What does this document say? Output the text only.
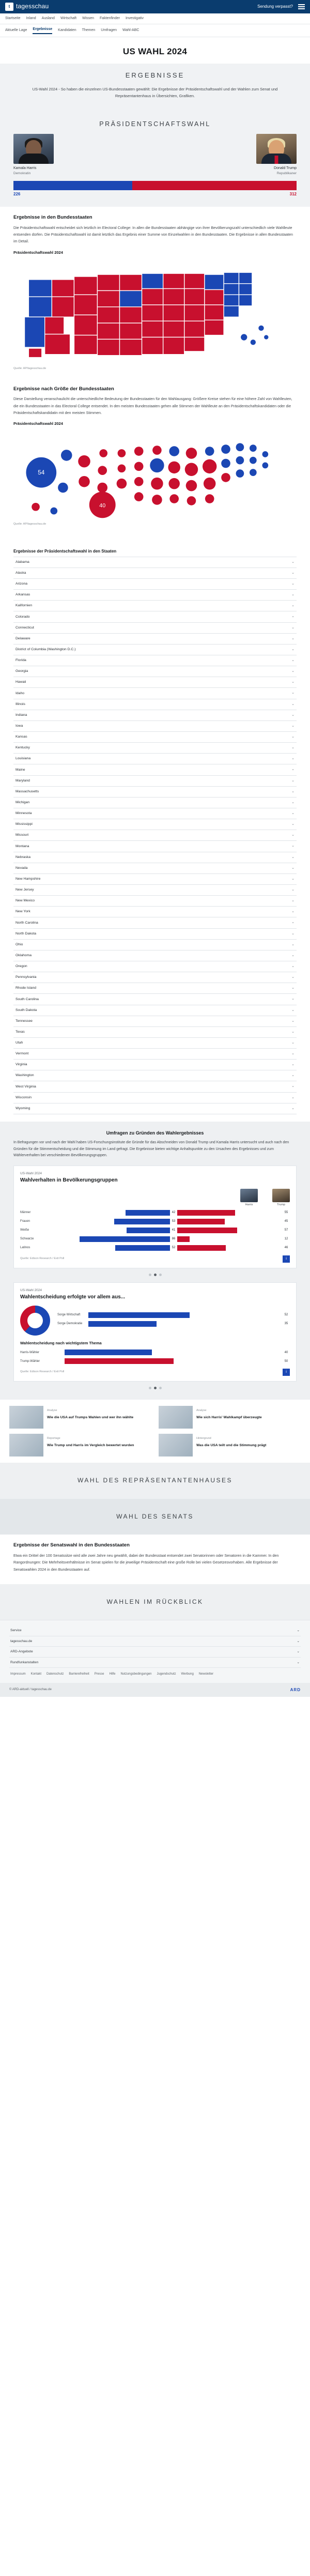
t tagesschau	Sendung verpasst?
Startseite Inland Ausland Wirtschaft Wissen Faktenfinder Investigativ
Aktuelle Lage Ergebnisse Kandidaten Themen Umfragen Wahl-ABC
US WAHL 2024
ERGEBNISSE
US-Wahl 2024 - So haben die einzelnen US-Bundesstaaten gewählt: Die Ergebnisse der Präsidentschaftswahl und der Wahlen zum Senat und Repräsentantenhaus in Übersichten, Grafiken.
PRÄSIDENTSCHAFTSWAHL
Kamala Harris
Demokratin
Donald Trump
Republikaner
226	312
Ergebnisse in den Bundesstaaten

Die Präsidentschaftswahl entscheidet sich letztlich im Electoral College: In allen die Bundesstaaten abhängige von ihrer Bevölkerungszahl unterschiedlich viele Wahlleute entsenden dürfen. Die Präsidentschaftswahl ist damit letztlich das Ergebnis einer Summe von Einzelwahlen in den Bundesstaaten. Die Ergebnisse in allen Bundesstaaten im Detail.

Präsidentschaftswahl 2024
Quelle: AP/tagesschau.de
Ergebnisse nach Größe der Bundesstaaten

Diese Darstellung veranschaulicht die unterschiedliche Bedeutung der Bundesstaaten für den Wahlausgang: Größere Kreise stehen für eine höhere Zahl von Wahlleuten, die ein Bundesstaaten in das Electoral College entsendet. In den meisten Bundesstaaten gehen alle Stimmen der Wahlleute an den Präsidentschaftskandidaten oder die Präsidentschaftskandidatin mit den meisten Stimmen.

Präsidentschaftswahl 2024
54
40
Quelle: AP/tagesschau.de
Ergebnisse der Präsidentschaftswahl in den Staaten
Alabama	⌄
Alaska	⌄
Arizona	⌄
Arkansas	⌄
Kalifornien	⌄
Colorado	⌄
Connecticut	⌄
Delaware	⌄
District of Columbia (Washington D.C.)	⌄
Florida	⌄
Georgia	⌄
Hawaii	⌄
Idaho	⌄
Illinois	⌄
Indiana	⌄
Iowa	⌄
Kansas	⌄
Kentucky	⌄
Louisiana	⌄
Maine	⌄
Maryland	⌄
Massachusetts	⌄
Michigan	⌄
Minnesota	⌄
Mississippi	⌄
Missouri	⌄
Montana	⌄
Nebraska	⌄
Nevada	⌄
New Hampshire	⌄
New Jersey	⌄
New Mexico	⌄
New York	⌄
North Carolina	⌄
North Dakota	⌄
Ohio	⌄
Oklahoma	⌄
Oregon	⌄
Pennsylvania	⌄
Rhode Island	⌄
South Carolina	⌄
South Dakota	⌄
Tennessee	⌄
Texas	⌄
Utah	⌄
Vermont	⌄
Virginia	⌄
Washington	⌄
West Virginia	⌄
Wisconsin	⌄
Wyoming	⌄
Umfragen zu Gründen des Wahlergebnisses

In Befragungen vor und nach der Wahl haben US-Forschungsinstitute die Gründe für das Abschneiden von Donald Trump und Kamala Harris untersucht und auch nach den Gründen für die Stimmentscheidung und die Stimmung im Land gefragt. Die Ergebnisse bieten wichtige Anhaltspunkte zu den Ursachen des Ergebnisses und zum Wählerverhalten bei verschiedenen Bevölkerungsgruppen.

US-Wahl 2024
Wahlverhalten in Bevölkerungsgruppen
Harris	Trump
Männer	42	55
Frauen	53	45
Weiße	41	57
Schwarze	86	12
Latinos	52	46
Quelle: Edison Research / Exit Poll	i
US-Wahl 2024
Wahlentscheidung erfolgte vor allem aus...
Sorge Wirtschaft	52
Sorge Demokratie	35
Wahlentscheidung nach wichtigstem Thema
Harris-Wähler	40
Trump-Wähler	50
Quelle: Edison Research / Exit Poll	i
Analyse
Wie die USA auf Trumps Wahlen und wer ihn wählte
Analyse
Wie sich Harris' Wahlkampf überzeugte
Reportage
Wie Trump und Harris im Vergleich bewertet wurden
Hintergrund
Was die USA teilt und die Stimmung prägt
WAHL DES REPRÄSENTANTENHAUSES
WAHL DES SENATS
Ergebnisse der Senatswahl in den Bundesstaaten

Etwa ein Drittel der 100 Senatssitze wird alle zwei Jahre neu gewählt, dabei der Bundesstaat entsendet zwei Senatorinnen oder Senatoren in die Kammer. In den Rangordnungen: Die Mehrheitsverhältnisse im Senat spielen für die jeweilige Präsidentschaft eine große Rolle bei vielen Gesetzesvorhaben. Alle Ergebnisse der Senatswahlen 2024 in den Bundesstaaten auf.

WAHLEN IM RÜCKBLICK
Service	⌄
tagesschau.de	⌄
ARD-Angebote	⌄
Rundfunkanstalten	⌄
Impressum Kontakt Datenschutz Barrierefreiheit Presse Hilfe Nutzungsbedingungen Jugendschutz Werbung Newsletter
© ARD-aktuell / tagesschau.de	ARD
